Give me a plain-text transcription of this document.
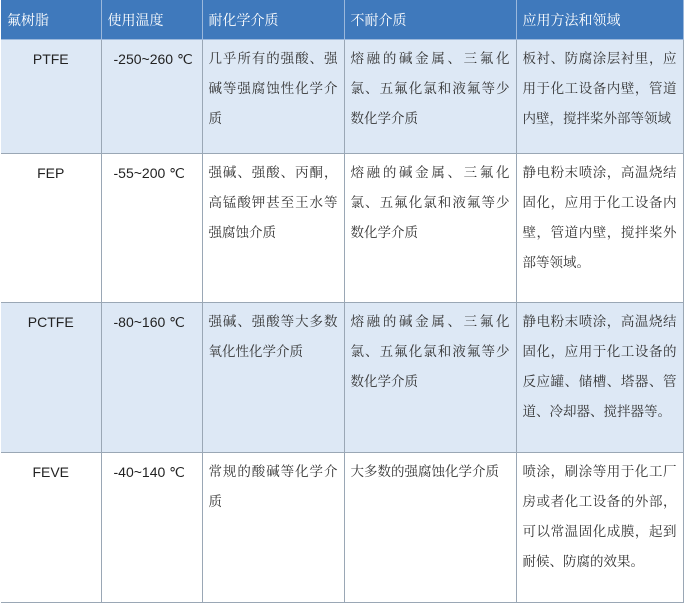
氟树脂	使用温度	耐化学介质	不耐介质	应用方法和领域
PTFE	-250~260 ℃	几乎所有的强酸、强碱等强腐蚀性化学介质	熔融的碱金属、三氟化氯、五氟化氯和液氟等少数化学介质	板衬、防腐涂层衬里，应用于化工设备内壁，管道内壁，搅拌桨外部等领域
FEP	-55~200 ℃	强碱、强酸、丙酮，高锰酸钾甚至王水等强腐蚀介质	熔融的碱金属、三氟化氯、五氟化氯和液氟等少数化学介质	静电粉末喷涂，高温烧结固化，应用于化工设备内壁，管道内壁，搅拌桨外部等领域。
PCTFE	-80~160 ℃	强碱、强酸等大多数氧化性化学介质	熔融的碱金属、三氟化氯、五氟化氯和液氟等少数化学介质	静电粉末喷涂，高温烧结固化，应用于化工设备的反应罐、储槽、塔器、管道、冷却器、搅拌器等。
FEVE	-40~140 ℃	常规的酸碱等化学介质	大多数的强腐蚀化学介质	喷涂，刷涂等用于化工厂房或者化工设备的外部，可以常温固化成膜，起到耐候、防腐的效果。
